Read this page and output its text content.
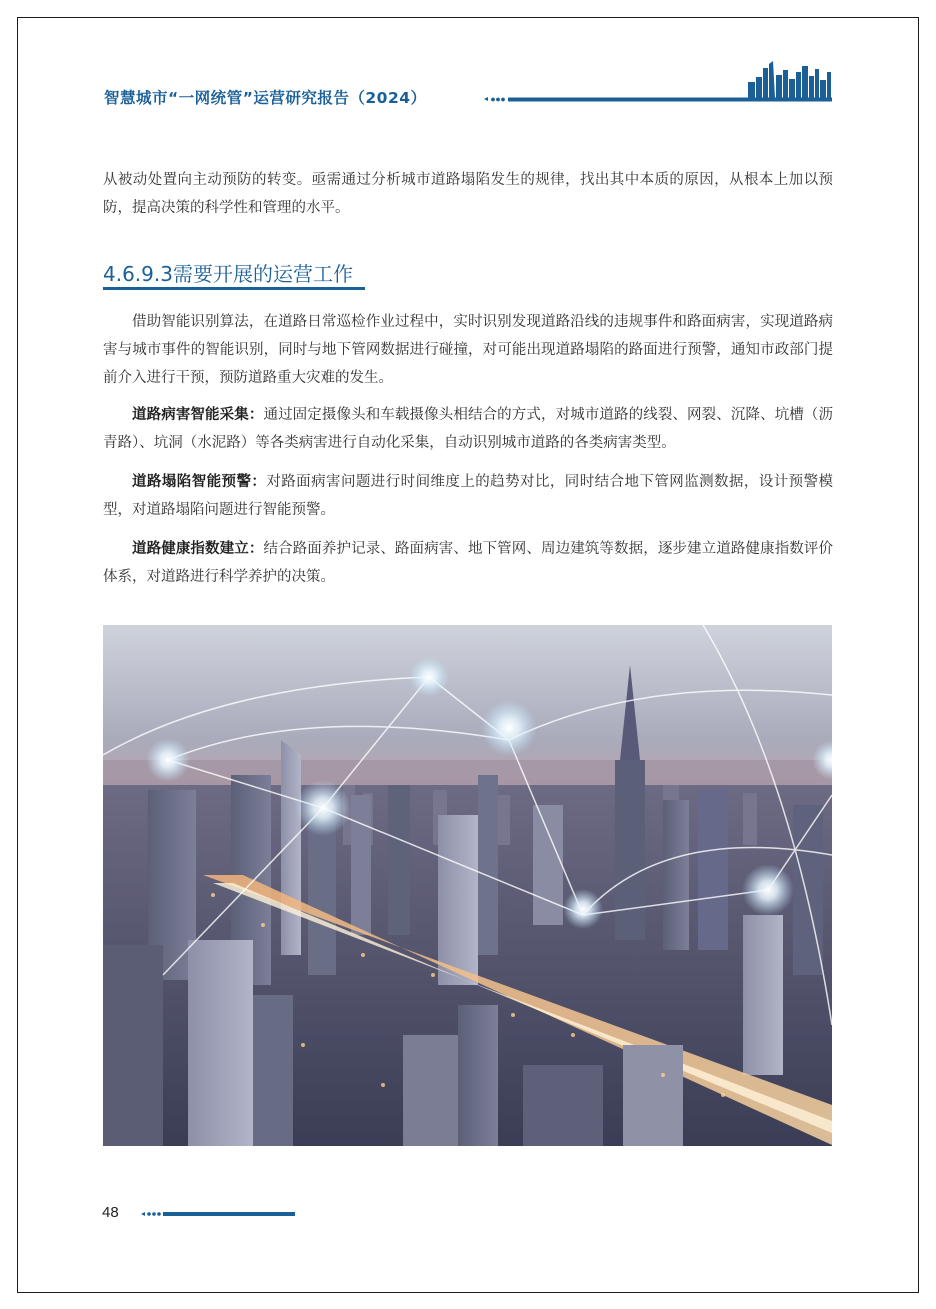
智慧城市“一网统管”运营研究报告（2024）

从被动处置向主动预防的转变。亟需通过分析城市道路塌陷发生的规律，找出其中本质的原因，从根本上加以预防，提高决策的科学性和管理的水平。

4.6.9.3需要开展的运营工作

借助智能识别算法，在道路日常巡检作业过程中，实时识别发现道路沿线的违规事件和路面病害，实现道路病害与城市事件的智能识别，同时与地下管网数据进行碰撞，对可能出现道路塌陷的路面进行预警，通知市政部门提前介入进行干预，预防道路重大灾难的发生。

道路病害智能采集：通过固定摄像头和车载摄像头相结合的方式，对城市道路的线裂、网裂、沉降、坑槽（沥青路）、坑洞（水泥路）等各类病害进行自动化采集，自动识别城市道路的各类病害类型。

道路塌陷智能预警：对路面病害问题进行时间维度上的趋势对比，同时结合地下管网监测数据，设计预警模型，对道路塌陷问题进行智能预警。

道路健康指数建立：结合路面养护记录、路面病害、地下管网、周边建筑等数据，逐步建立道路健康指数评价体系，对道路进行科学养护的决策。

48
